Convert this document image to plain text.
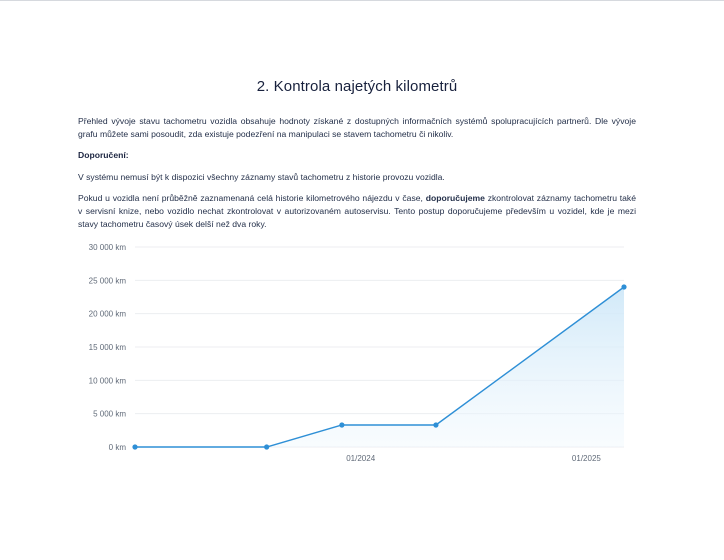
2. Kontrola najetých kilometrů

Přehled vývoje stavu tachometru vozidla obsahuje hodnoty získané z dostupných informačních systémů spolupracujících partnerů. Dle vývoje grafu můžete sami posoudit, zda existuje podezření na manipulaci se stavem tachometru či nikoliv.

Doporučení:

V systému nemusí být k dispozici všechny záznamy stavů tachometru z historie provozu vozidla.

Pokud u vozidla není průběžně zaznamenaná celá historie kilometrového nájezdu v čase, doporučujeme zkontrolovat záznamy tachometru také v servisní knize, nebo vozidlo nechat zkontrolovat v autorizovaném autoservisu. Tento postup doporučujeme především u vozidel, kde je mezi stavy tachometru časový úsek delší než dva roky.

0 km
5 000 km
10 000 km
15 000 km
20 000 km
25 000 km
30 000 km
01/2024	01/2025
